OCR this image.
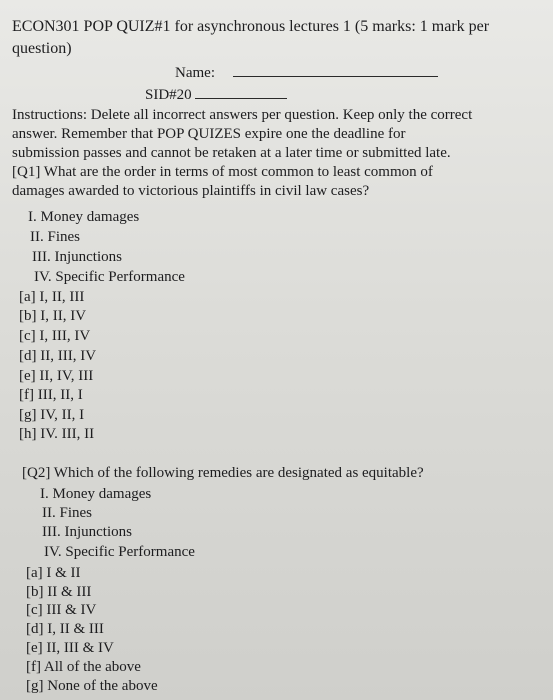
ECON301 POP QUIZ#1 for asynchronous lectures 1 (5 marks: 1 mark per
question)
Name:
SID#20
Instructions: Delete all incorrect answers per question. Keep only the correct
answer. Remember that POP QUIZES expire one the deadline for
submission passes and cannot be retaken at a later time or submitted late.
[Q1] What are the order in terms of most common to least common of
damages awarded to victorious plaintiffs in civil law cases?
I. Money damages
II. Fines
III. Injunctions
IV. Specific Performance
[a] I, II, III
[b] I, II, IV
[c] I, III, IV
[d] II, III, IV
[e] II, IV, III
[f] III, II, I
[g] IV, II, I
[h] IV. III, II
[Q2] Which of the following remedies are designated as equitable?
I. Money damages
II. Fines
III. Injunctions
IV. Specific Performance
[a] I & II
[b] II & III
[c] III & IV
[d] I, II & III
[e] II, III & IV
[f] All of the above
[g] None of the above
